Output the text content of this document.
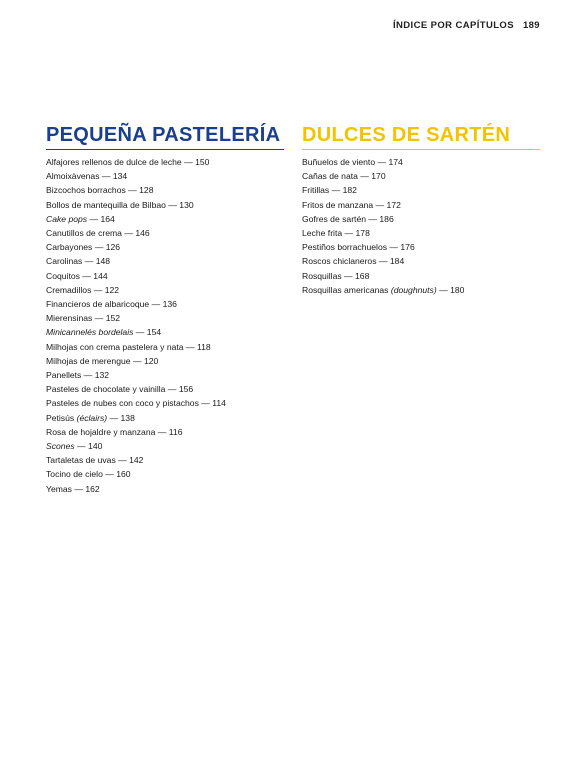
ÍNDICE POR CAPÍTULOS 189
PEQUEÑA PASTELERÍA
Alfajores rellenos de dulce de leche — 150
Almoixàvenas — 134
Bizcochos borrachos — 128
Bollos de mantequilla de Bilbao — 130
Cake pops — 164
Canutillos de crema — 146
Carbayones — 126
Carolinas — 148
Coquitos — 144
Cremadillos — 122
Financieros de albaricoque — 136
Mierensinas — 152
Minicannelés bordelais — 154
Milhojas con crema pastelera y nata — 118
Milhojas de merengue — 120
Panellets — 132
Pasteles de chocolate y vainilla — 156
Pasteles de nubes con coco y pistachos — 114
Petisús (éclairs) — 138
Rosa de hojaldre y manzana — 116
Scones — 140
Tartaletas de uvas — 142
Tocino de cielo — 160
Yemas — 162
DULCES DE SARTÉN
Buñuelos de viento — 174
Cañas de nata — 170
Fritillas — 182
Fritos de manzana — 172
Gofres de sartén — 186
Leche frita — 178
Pestiños borrachuelos — 176
Roscos chiclaneros — 184
Rosquillas — 168
Rosquillas americanas (doughnuts) — 180
